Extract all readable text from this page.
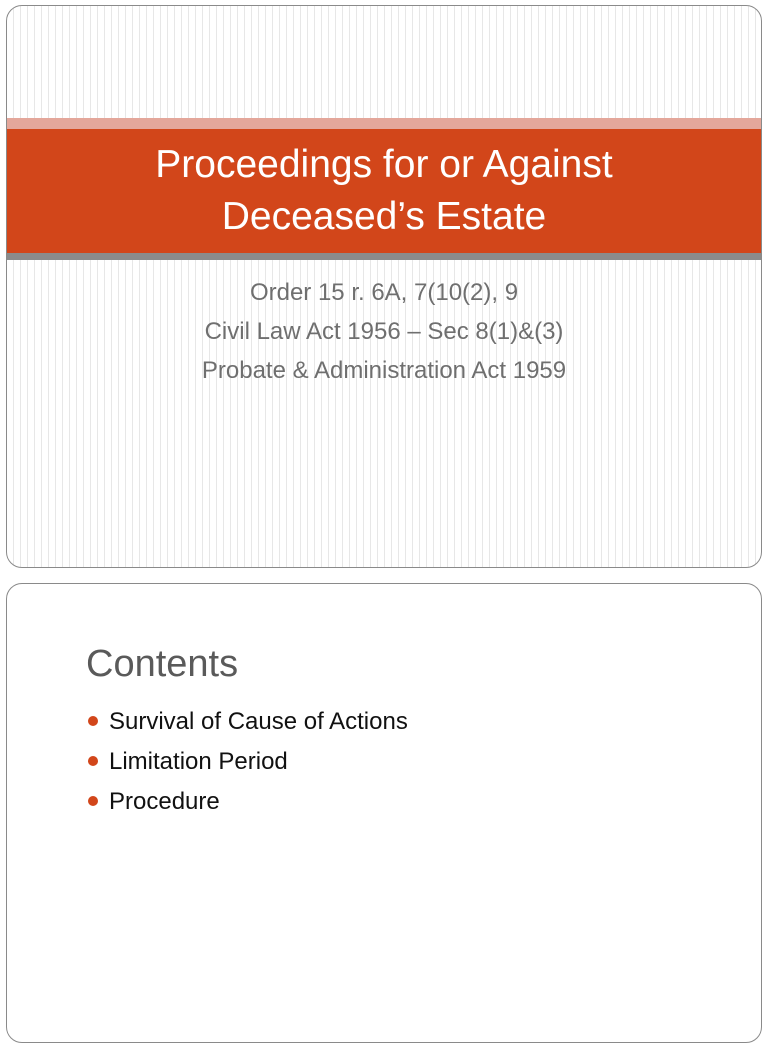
Proceedings for or Against
Deceased’s Estate
Order 15 r. 6A, 7(10(2), 9
Civil Law Act 1956 – Sec 8(1)&(3)
Probate & Administration Act 1959
Contents
Survival of Cause of Actions
Limitation Period
Procedure
